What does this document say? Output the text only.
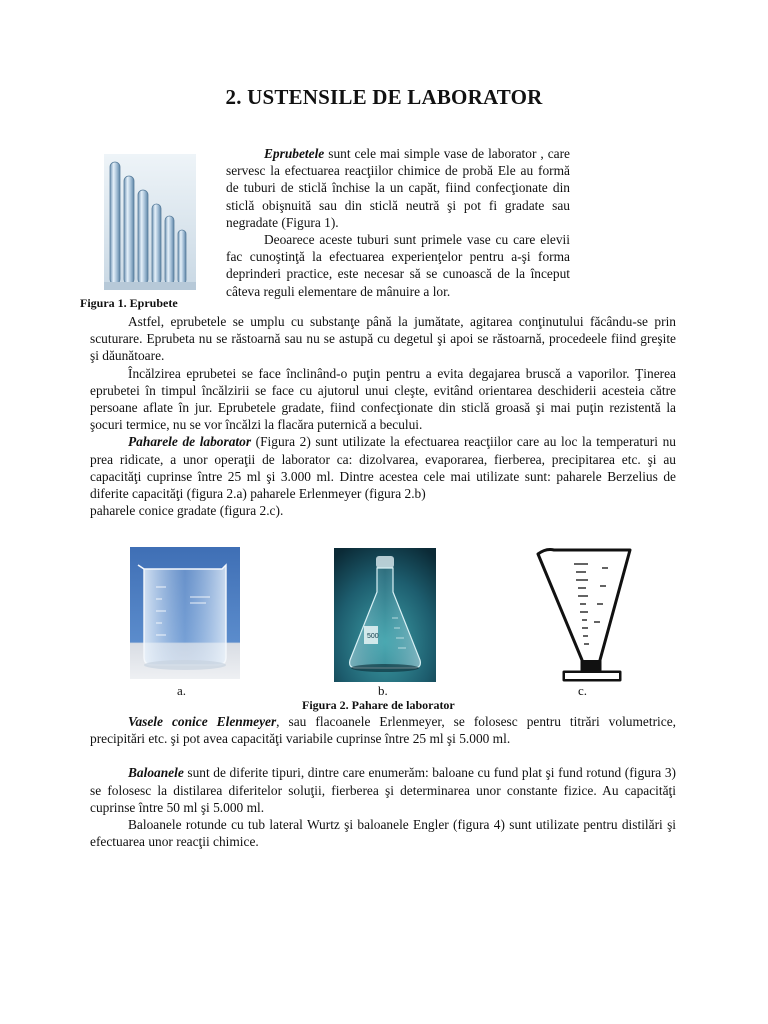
2. USTENSILE DE LABORATOR
Figura 1. Eprubete
Eprubetele sunt cele mai simple vase de laborator , care servesc la efectuarea reacţiilor chimice de probă Ele au formă de tuburi de sticlă închise la un capăt, fiind confecţionate din sticlă obişnuită sau din sticlă neutră şi pot fi gradate sau negradate (Figura 1).
Deoarece aceste tuburi sunt primele vase cu care elevii fac cunoştinţă la efectuarea experienţelor pentru a-şi forma deprinderi practice, este necesar să se cunoască de la început câteva reguli elementare de mânuire a lor.
Astfel, eprubetele se umplu cu substanţe până la jumătate, agitarea conţinutului făcându-se prin scuturare. Eprubeta nu se răstoarnă sau nu se astupă cu degetul şi apoi se răstoarnă, procedeele fiind greşite şi dăunătoare.
Încălzirea eprubetei se face înclinând-o puţin pentru a evita degajarea bruscă a vaporilor. Ţinerea eprubetei în timpul încălzirii se face cu ajutorul unui cleşte, evitând orientarea deschiderii acesteia către persoane aflate în jur. Eprubetele gradate, fiind confecţionate din sticlă groasă şi mai puţin rezistentă la şocuri termice, nu se vor încălzi la flacăra puternică a becului.
Paharele de laborator (Figura 2) sunt utilizate la efectuarea reacţiilor care au loc la temperaturi nu prea ridicate, a unor operaţii de laborator ca: dizolvarea, evaporarea, fierberea, precipitarea etc. şi au capacităţi cuprinse între 25 ml şi 3.000 ml. Dintre acestea cele mai utilizate sunt: paharele Berzelius de diferite capacităţi (figura 2.a) paharele Erlenmeyer (figura 2.b)
paharele conice gradate (figura 2.c).
500
a.	b.	c.
Figura 2. Pahare de laborator
Vasele conice Elenmeyer, sau flacoanele Erlenmeyer, se folosesc pentru titrări volumetrice, precipitări etc. şi pot avea capacităţi variabile cuprinse între 25 ml şi 5.000 ml.
Baloanele sunt de diferite tipuri, dintre care enumerăm: baloane cu fund plat şi fund rotund (figura 3) se folosesc la distilarea diferitelor soluţii, fierberea şi determinarea unor constante fizice. Au capacităţi cuprinse între 50 ml şi 5.000 ml.
Baloanele rotunde cu tub lateral Wurtz şi baloanele Engler (figura 4) sunt utilizate pentru distilări şi efectuarea unor reacţii chimice.
